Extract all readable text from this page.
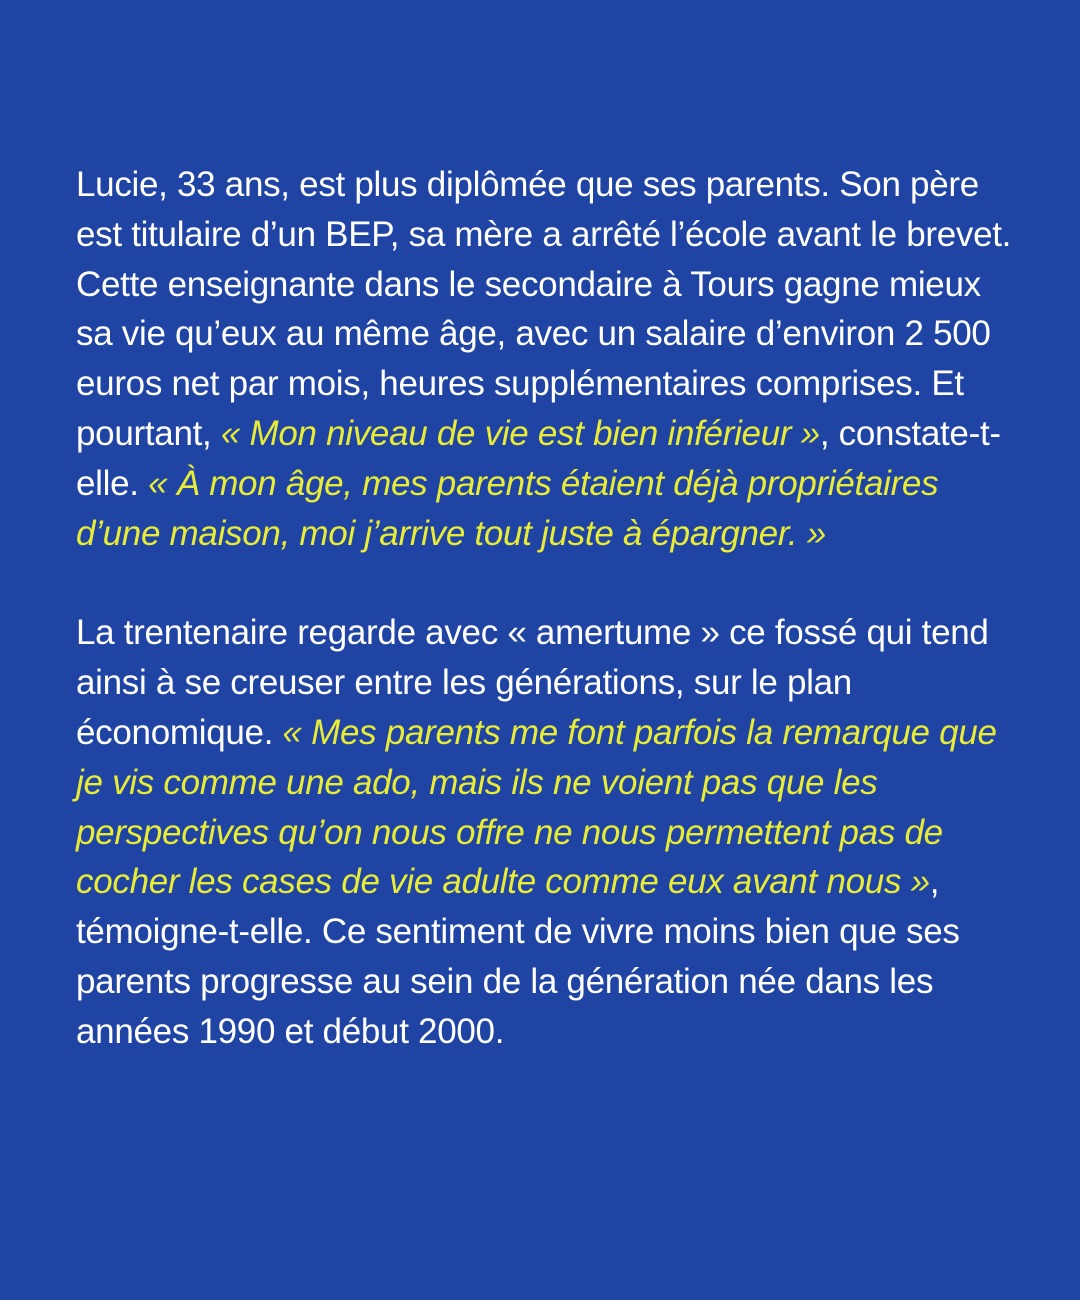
Lucie, 33 ans, est plus diplômée que ses parents. Son père est titulaire d’un BEP, sa mère a arrêté l’école avant le brevet. Cette enseignante dans le secondaire à Tours gagne mieux sa vie qu’eux au même âge, avec un salaire d’environ 2 500 euros net par mois, heures supplémentaires comprises. Et pourtant, « Mon niveau de vie est bien inférieur », constate-t-elle. « À mon âge, mes parents étaient déjà propriétaires d’une maison, moi j’arrive tout juste à épargner. »

La trentenaire regarde avec « amertume » ce fossé qui tend ainsi à se creuser entre les générations, sur le plan économique. « Mes parents me font parfois la remarque que je vis comme une ado, mais ils ne voient pas que les perspectives qu’on nous offre ne nous permettent pas de cocher les cases de vie adulte comme eux avant nous », témoigne-t-elle. Ce sentiment de vivre moins bien que ses parents progresse au sein de la génération née dans les années 1990 et début 2000.
